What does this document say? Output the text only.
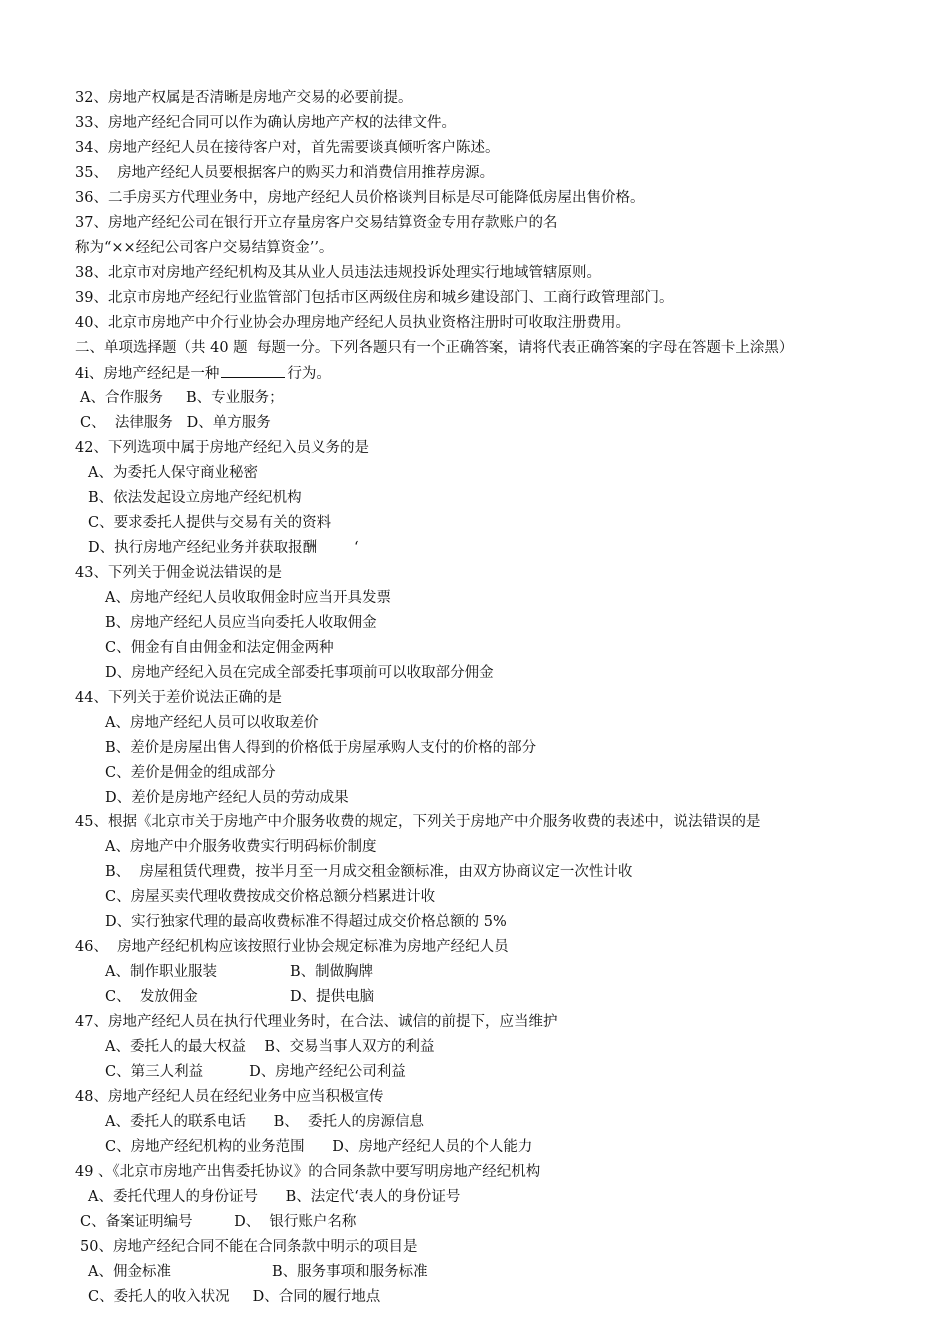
32、房地产权属是否清晰是房地产交易的必要前提。
33、房地产经纪合同可以作为确认房地产产权的法律文件。
34、房地产经纪人员在接待客户对，首先需要谈真倾听客户陈述。
35、  房地产经纪人员要根据客户的购买力和消费信用推荐房源。
36、二手房买方代理业务中，房地产经纪人员价格谈判目标是尽可能降低房屋出售价格。
37、房地产经纪公司在银行开立存量房客户交易结算资金专用存款账户的名
称为“××经纪公司客户交易结算资金’’。
38、北京市对房地产经纪机构及其从业人员违法违规投诉处理实行地域管辖原则。
39、北京市房地产经纪行业监管部门包括市区两级住房和城乡建设部门、工商行政管理部门。
40、北京市房地产中介行业协会办理房地产经纪人员执业资格注册时可收取注册费用。
二、单项选择题（共 40 题  每题一分。下列各题只有一个正确答案，请将代表正确答案的字母在答题卡上涂黑）
4i、房地产经纪是一种	行为。
A、合作服务     B、专业服务；
C、  法律服务   D、单方服务
42、下列选项中属于房地产经纪入员义务的是
A、为委托人保守商业秘密
B、依法发起设立房地产经纪机构
C、要求委托人提供与交易有关的资料
D、执行房地产经纪业务并获取报酬        ‘
43、下列关于佣金说法错误的是
A、房地产经纪人员收取佣金时应当开具发票
B、房地产经纪人员应当向委托人收取佣金
C、佣金有自由佣金和法定佣金两种
D、房地产经纪入员在完成全部委托事项前可以收取部分佣金
44、下列关于差价说法正确的是
A、房地产经纪人员可以收取差价
B、差价是房屋出售人得到的价格低于房屋承购人支付的价格的部分
C、差价是佣金的组成部分
D、差价是房地产经纪人员的劳动成果
45、根据《北京市关于房地产中介服务收费的规定，下列关于房地产中介服务收费的表述中，说法错误的是
A、房地产中介服务收费实行明码标价制度
B、  房屋租赁代理费，按半月至一月成交租金额标准，由双方协商议定一次性计收
C、房屋买卖代理收费按成交价格总额分档累进计收
D、实行独家代理的最高收费标准不得超过成交价格总额的 5%
46、  房地产经纪机构应该按照行业协会规定标准为房地产经纪人员
A、制作职业服装	B、制做胸牌
C、  发放佣金	D、提供电脑
47、房地产经纪人员在执行代理业务时，在合法、诚信的前提下，应当维护
A、委托人的最大权益    B、交易当事人双方的利益
C、第三人利益          D、房地产经纪公司利益
48、房地产经纪人员在经纪业务中应当积极宣传
A、委托人的联系电话      B、  委托人的房源信息
C、房地产经纪机构的业务范围      D、房地产经纪人员的个人能力
49 、《北京市房地产出售委托协议》的合同条款中要写明房地产经纪机构
A、委托代理人的身份证号      B、法定代‘表人的身份证号
C、备案证明编号         D、  银行账户名称
50、房地产经纪合同不能在合同条款中明示的项目是
A、佣金标准	B、服务事项和服务标准
C、委托人的收入状况     D、合同的履行地点
